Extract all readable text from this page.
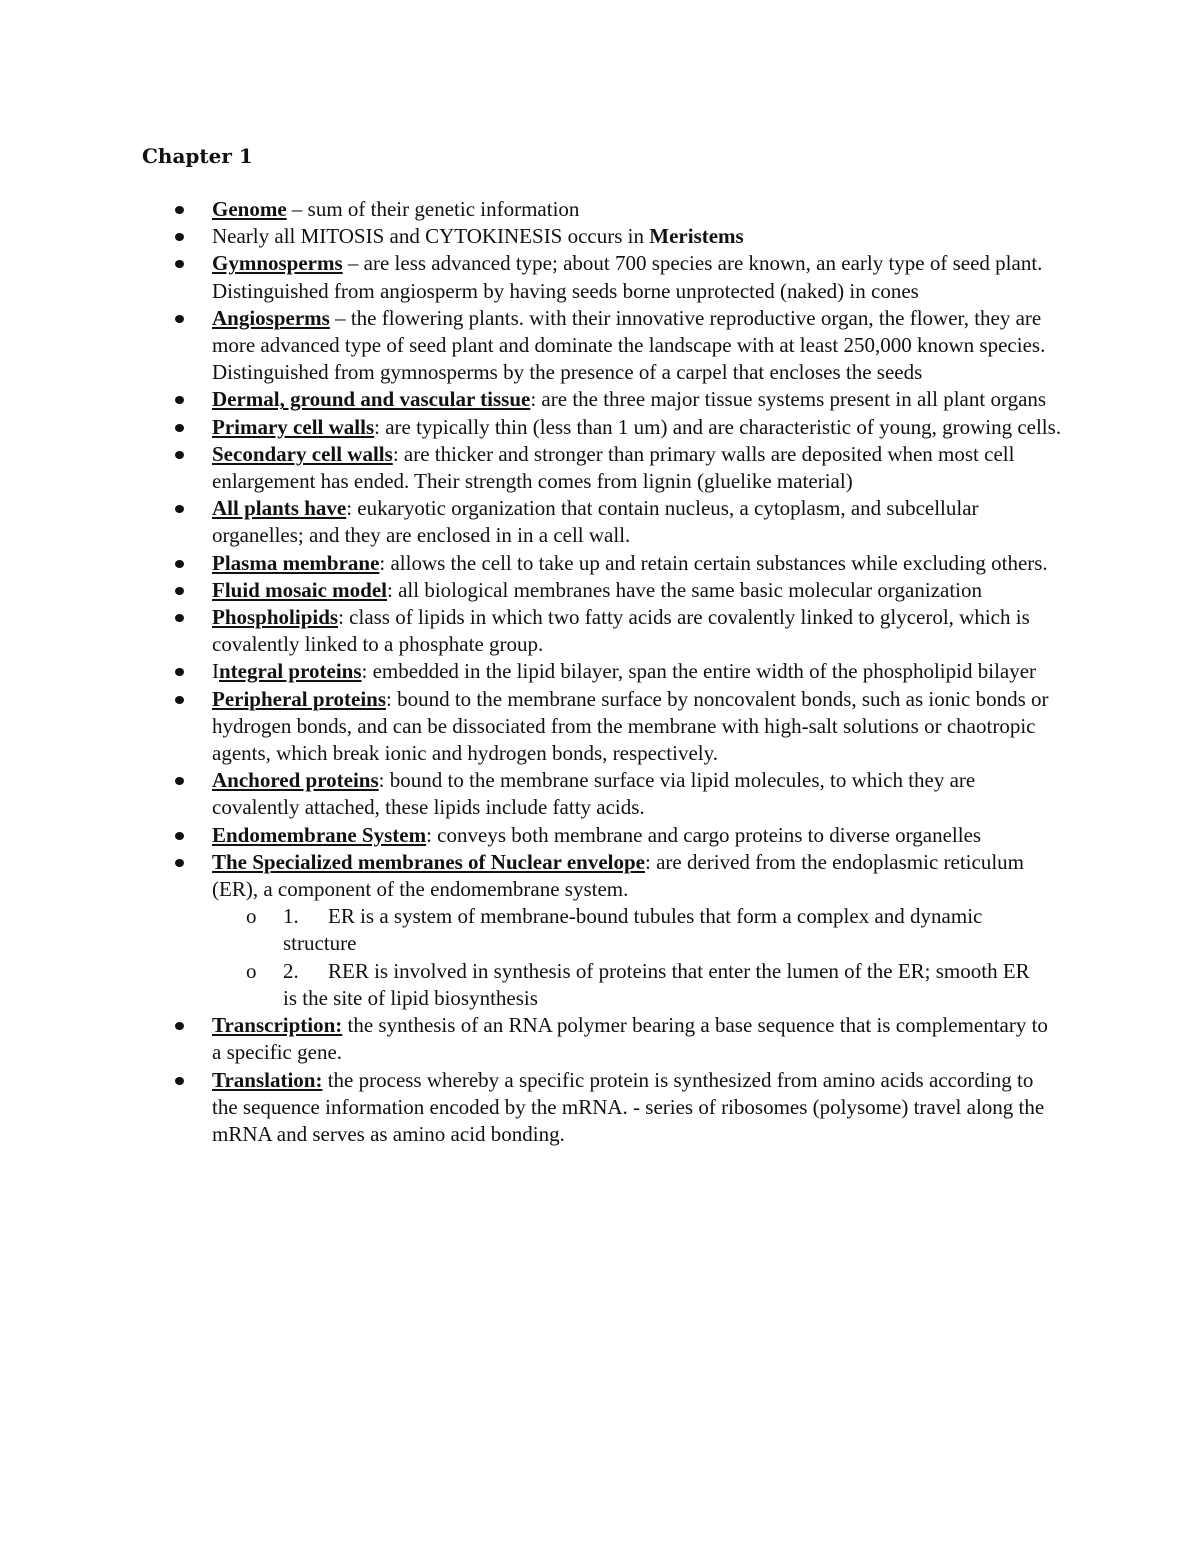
Chapter 1
Genome – sum of their genetic information
Nearly all MITOSIS and CYTOKINESIS occurs in Meristems
Gymnosperms – are less advanced type; about 700 species are known, an early type of seed plant. Distinguished from angiosperm by having seeds borne unprotected (naked) in cones
Angiosperms – the flowering plants. with their innovative reproductive organ, the flower, they are more advanced type of seed plant and dominate the landscape with at least 250,000 known species. Distinguished from gymnosperms by the presence of a carpel that encloses the seeds
Dermal, ground and vascular tissue: are the three major tissue systems present in all plant organs
Primary cell walls: are typically thin (less than 1 um) and are characteristic of young, growing cells.
Secondary cell walls: are thicker and stronger than primary walls are deposited when most cell enlargement has ended. Their strength comes from lignin (gluelike material)
All plants have: eukaryotic organization that contain nucleus, a cytoplasm, and subcellular organelles; and they are enclosed in in a cell wall.
Plasma membrane: allows the cell to take up and retain certain substances while excluding others.
Fluid mosaic model: all biological membranes have the same basic molecular organization
Phospholipids: class of lipids in which two fatty acids are covalently linked to glycerol, which is covalently linked to a phosphate group.
Integral proteins: embedded in the lipid bilayer, span the entire width of the phospholipid bilayer
Peripheral proteins: bound to the membrane surface by noncovalent bonds, such as ionic bonds or hydrogen bonds, and can be dissociated from the membrane with high-salt solutions or chaotropic agents, which break ionic and hydrogen bonds, respectively.
Anchored proteins: bound to the membrane surface via lipid molecules, to which they are covalently attached, these lipids include fatty acids.
Endomembrane System: conveys both membrane and cargo proteins to diverse organelles
The Specialized membranes of Nuclear envelope: are derived from the endoplasmic reticulum (ER), a component of the endomembrane system.
o 1. ER is a system of membrane-bound tubules that form a complex and dynamic structure
o 2. RER is involved in synthesis of proteins that enter the lumen of the ER; smooth ER is the site of lipid biosynthesis
Transcription: the synthesis of an RNA polymer bearing a base sequence that is complementary to a specific gene.
Translation: the process whereby a specific protein is synthesized from amino acids according to the sequence information encoded by the mRNA. - series of ribosomes (polysome) travel along the mRNA and serves as amino acid bonding.
